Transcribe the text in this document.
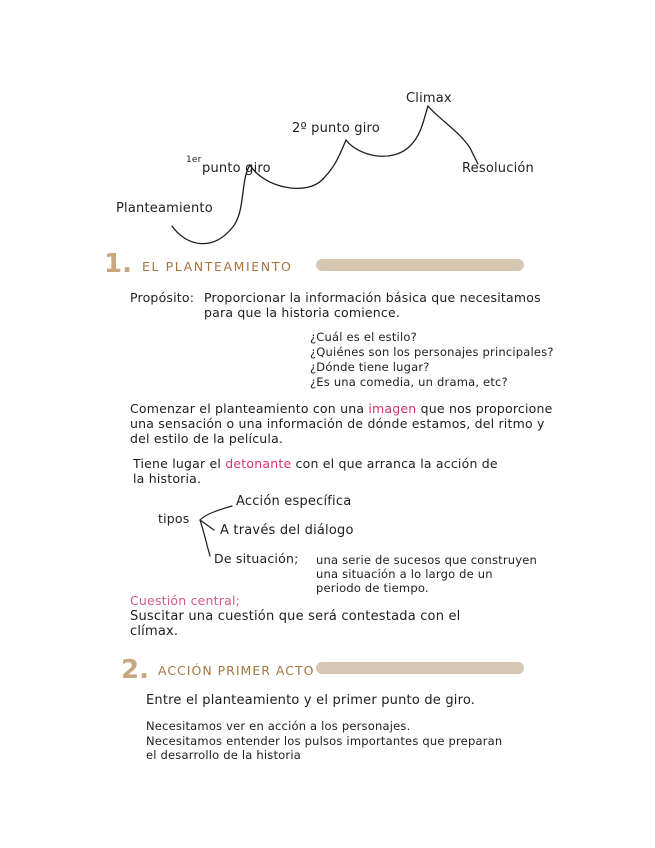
Climax
2º punto giro
1er
punto giro	Resolución
Planteamiento
1. EL PLANTEAMIENTO
Propósito: Proporcionar la información básica que necesitamos
para que la historia comience.
¿Cuál es el estilo?
¿Quiénes son los personajes principales?
¿Dónde tiene lugar?
¿Es una comedia, un drama, etc?
Comenzar el planteamiento con una imagen que nos proporcione
una sensación o una información de dónde estamos, del ritmo y
del estilo de la película.
Tiene lugar el detonante con el que arranca la acción de
la historia.
tipos
Acción específica
A través del diálogo
De situación; una serie de sucesos que construyen
una situación a lo largo de un
periodo de tiempo.
Cuestión central;
Suscitar una cuestión que será contestada con el
clímax.
2. ACCIÓN PRIMER ACTO
Entre el planteamiento y el primer punto de giro.
Necesitamos ver en acción a los personajes.
Necesitamos entender los pulsos importantes que preparan
el desarrollo de la historia
